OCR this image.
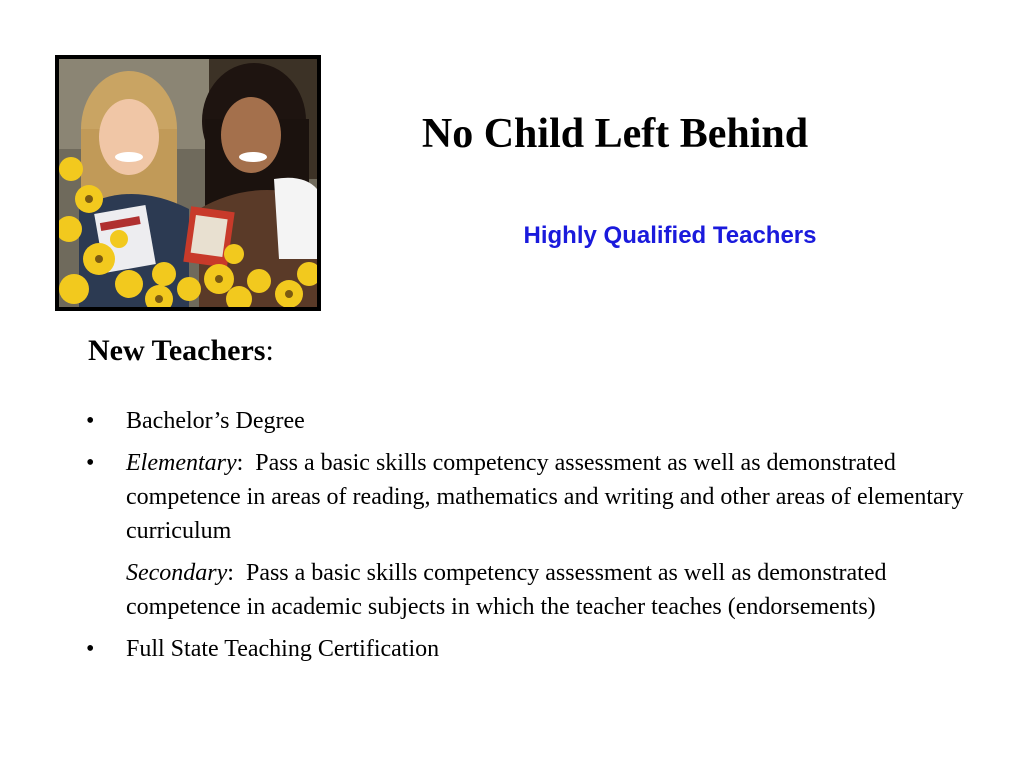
No Child Left Behind
Highly Qualified Teachers
New Teachers:
•	Bachelor’s Degree
•	Elementary: Pass a basic skills competency assessment as well as demonstrated competence in areas of reading, mathematics and writing and other areas of elementary curriculum
Secondary: Pass a basic skills competency assessment as well as demonstrated competence in academic subjects in which the teacher teaches (endorsements)
•	Full State Teaching Certification
